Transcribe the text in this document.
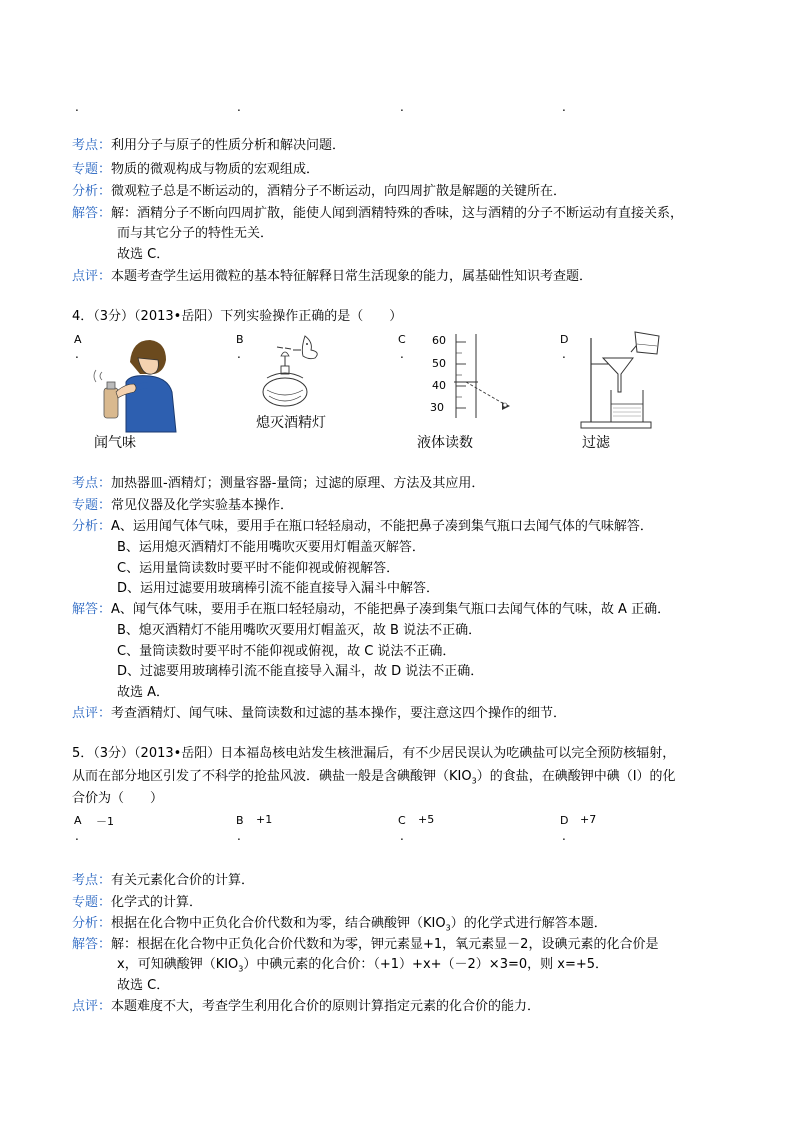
.	.	.	.
考点：利用分子与原子的性质分析和解决问题．
专题：物质的微观构成与物质的宏观组成．
分析：微观粒子总是不断运动的，酒精分子不断运动，向四周扩散是解题的关键所在．
解答：解：酒精分子不断向四周扩散，能使人闻到酒精特殊的香味，这与酒精的分子不断运动有直接关系，
而与其它分子的特性无关．
故选 C．
点评：本题考查学生运用微粒的基本特征解释日常生活现象的能力，属基础性知识考查题．
4．（3分）（2013•岳阳）下列实验操作正确的是（　　）
A
.
B
.
C
.
D
.
闻气味
熄灭酒精灯
60
50
40
30
液体读数	过滤
考点：加热器皿-酒精灯；测量容器-量筒；过滤的原理、方法及其应用．
专题：常见仪器及化学实验基本操作．
分析：A、运用闻气体气味，要用手在瓶口轻轻扇动，不能把鼻子凑到集气瓶口去闻气体的气味解答．
B、运用熄灭酒精灯不能用嘴吹灭要用灯帽盖灭解答．
C、运用量筒读数时要平时不能仰视或俯视解答．
D、运用过滤要用玻璃棒引流不能直接导入漏斗中解答．
解答：A、闻气体气味，要用手在瓶口轻轻扇动，不能把鼻子凑到集气瓶口去闻气体的气味，故 A 正确．
B、熄灭酒精灯不能用嘴吹灭要用灯帽盖灭，故 B 说法不正确．
C、量筒读数时要平时不能仰视或俯视，故 C 说法不正确．
D、过滤要用玻璃棒引流不能直接导入漏斗，故 D 说法不正确．
故选 A．
点评：考查酒精灯、闻气味、量筒读数和过滤的基本操作，要注意这四个操作的细节．
5．（3分）（2013•岳阳）日本福岛核电站发生核泄漏后，有不少居民误认为吃碘盐可以完全预防核辐射，
从而在部分地区引发了不科学的抢盐风波．碘盐一般是含碘酸钾$(KIO_3)$的食盐，在碘酸钾中碘（I）的化
合价为（　　）
A －1
.
B +1
.
C +5
.
D +7
.
考点：有关元素化合价的计算．
专题：化学式的计算．
分析：根据在化合物中正负化合价代数和为零，结合碘酸钾$(KIO_3)$的化学式进行解答本题．
解答：解：根据在化合物中正负化合价代数和为零，钾元素显+1，氧元素显－2，设碘元素的化合价是
x，可知碘酸钾$(KIO_3)$中碘元素的化合价：（+1）+x+（－2）×3=0，则 x=+5．
故选 C．
点评：本题难度不大，考查学生利用化合价的原则计算指定元素的化合价的能力．
